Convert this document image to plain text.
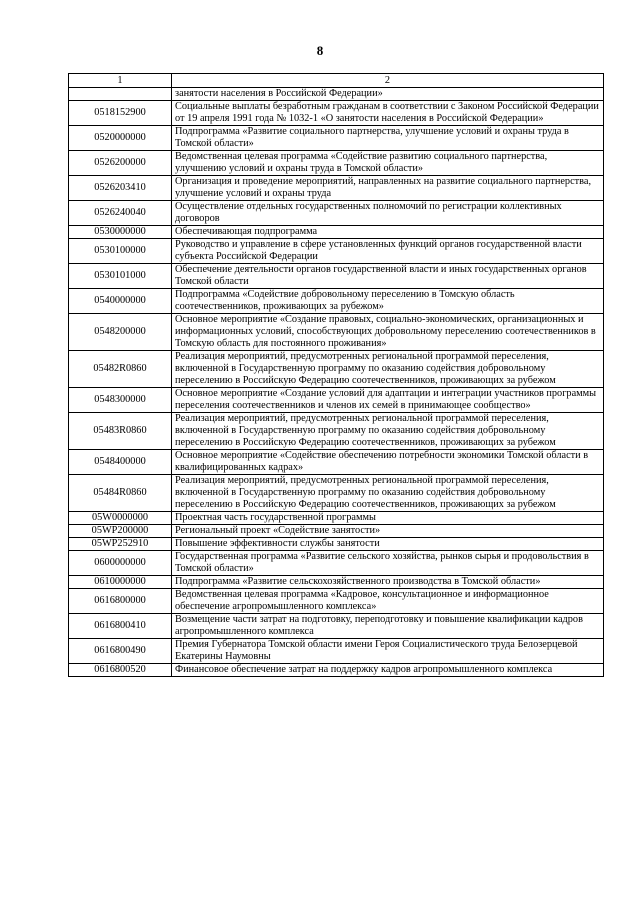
8
1	2
	занятости населения в Российской Федерации»
0518152900	Социальные выплаты безработным гражданам в соответствии с Законом Российской Федерации от 19 апреля 1991 года № 1032-1 «О занятости населения в Российской Федерации»
0520000000	Подпрограмма «Развитие социального партнерства, улучшение условий и охраны труда в Томской области»
0526200000	Ведомственная целевая программа «Содействие развитию социального партнерства, улучшению условий и охраны труда в Томской области»
0526203410	Организация и проведение мероприятий, направленных на развитие социального партнерства, улучшение условий и охраны труда
0526240040	Осуществление отдельных государственных полномочий по регистрации коллективных договоров
0530000000	Обеспечивающая подпрограмма
0530100000	Руководство и управление в сфере установленных функций органов государственной власти субъекта Российской Федерации
0530101000	Обеспечение деятельности органов государственной власти и иных государственных органов Томской области
0540000000	Подпрограмма «Содействие добровольному переселению в Томскую область соотечественников, проживающих за рубежом»
0548200000	Основное мероприятие «Создание правовых, социально-экономических, организационных и информационных условий, способствующих добровольному переселению соотечественников в Томскую область для постоянного проживания»
05482R0860	Реализация мероприятий, предусмотренных региональной программой переселения, включенной в Государственную программу по оказанию содействия добровольному переселению в Российскую Федерацию соотечественников, проживающих за рубежом
0548300000	Основное мероприятие «Создание условий для адаптации и интеграции участников программы переселения соотечественников и членов их семей в принимающее сообщество»
05483R0860	Реализация мероприятий, предусмотренных региональной программой переселения, включенной в Государственную программу по оказанию содействия добровольному переселению в Российскую Федерацию соотечественников, проживающих за рубежом
0548400000	Основное мероприятие «Содействие обеспечению потребности экономики Томской области в квалифицированных кадрах»
05484R0860	Реализация мероприятий, предусмотренных региональной программой переселения, включенной в Государственную программу по оказанию содействия добровольному переселению в Российскую Федерацию соотечественников, проживающих за рубежом
05W0000000	Проектная часть государственной программы
05WP200000	Региональный проект «Содействие занятости»
05WP252910	Повышение эффективности службы занятости
0600000000	Государственная программа «Развитие сельского хозяйства, рынков сырья и продовольствия в Томской области»
0610000000	Подпрограмма «Развитие сельскохозяйственного производства в Томской области»
0616800000	Ведомственная целевая программа «Кадровое, консультационное и информационное обеспечение агропромышленного комплекса»
0616800410	Возмещение части затрат на подготовку, переподготовку и повышение квалификации кадров агропромышленного комплекса
0616800490	Премия Губернатора Томской области имени Героя Социалистического труда Белозерцевой Екатерины Наумовны
0616800520	Финансовое обеспечение затрат на поддержку кадров агропромышленного комплекса
